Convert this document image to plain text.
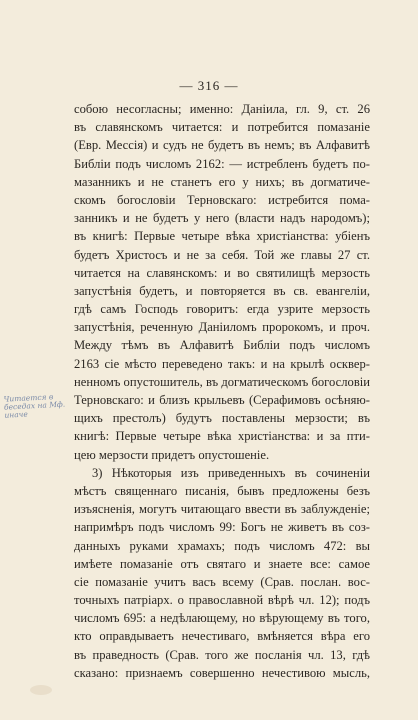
— 316 —
Читается в беседах на Мф. иначе
собою несогласны; именно: Даніила, гл. 9, ст. 26
въ славянскомъ читается: и потребится помазаніе
(Евр. Мессія) и судъ не будетъ въ немъ; въ Алфавитѣ
Библіи подъ числомъ 2162: — истребленъ будетъ по-
мазанникъ и не станетъ его у нихъ; въ догматиче-
скомъ богословіи Терновскаго: истребится пома-
занникъ и не будетъ у него (власти надъ народомъ);
въ книгѣ: Первые четыре вѣка христіанства: убіенъ
будетъ Христосъ и не за себя. Той же главы 27 ст.
читается на славянскомъ: и во святилищѣ мерзость
запустѣнія будетъ, и повторяется въ св. евангеліи,
гдѣ самъ Господь говоритъ: егда узрите мерзость
запустѣнія, реченную Даніиломъ пророкомъ, и проч.
Между тѣмъ въ Алфавитѣ Библіи подъ числомъ
2163 сіе мѣсто переведено такъ: и на крылѣ осквер-
ненномъ опустошитель, въ догматическомъ богословіи
Терновскаго: и близъ крыльевъ (Серафимовъ осѣняю-
щихъ престолъ) будутъ поставлены мерзости; въ
книгѣ: Первые четыре вѣка христіанства: и за пти-
цею мерзости придетъ опустошеніе.
3) Нѣкоторыя изъ приведенныхъ въ сочиненіи
мѣстъ священнаго писанія, бывъ предложены безъ
изъясненія, могутъ читающаго ввести въ заблужденіе;
напримѣръ подъ числомъ 99: Богъ не живетъ въ соз-
данныхъ руками храмахъ; подъ числомъ 472: вы
имѣете помазаніе отъ святаго и знаете все: самое
сіе помазаніе учитъ васъ всему (Срав. послан. вос-
точныхъ патріарх. о православной вѣрѣ чл. 12); подъ
числомъ 695: а недѣлающему, но вѣрующему въ того,
кто оправдываетъ нечестиваго, вмѣняется вѣра его
въ праведность (Срав. того же посланія чл. 13, гдѣ
сказано: признаемъ совершенно нечестивою мысль,
